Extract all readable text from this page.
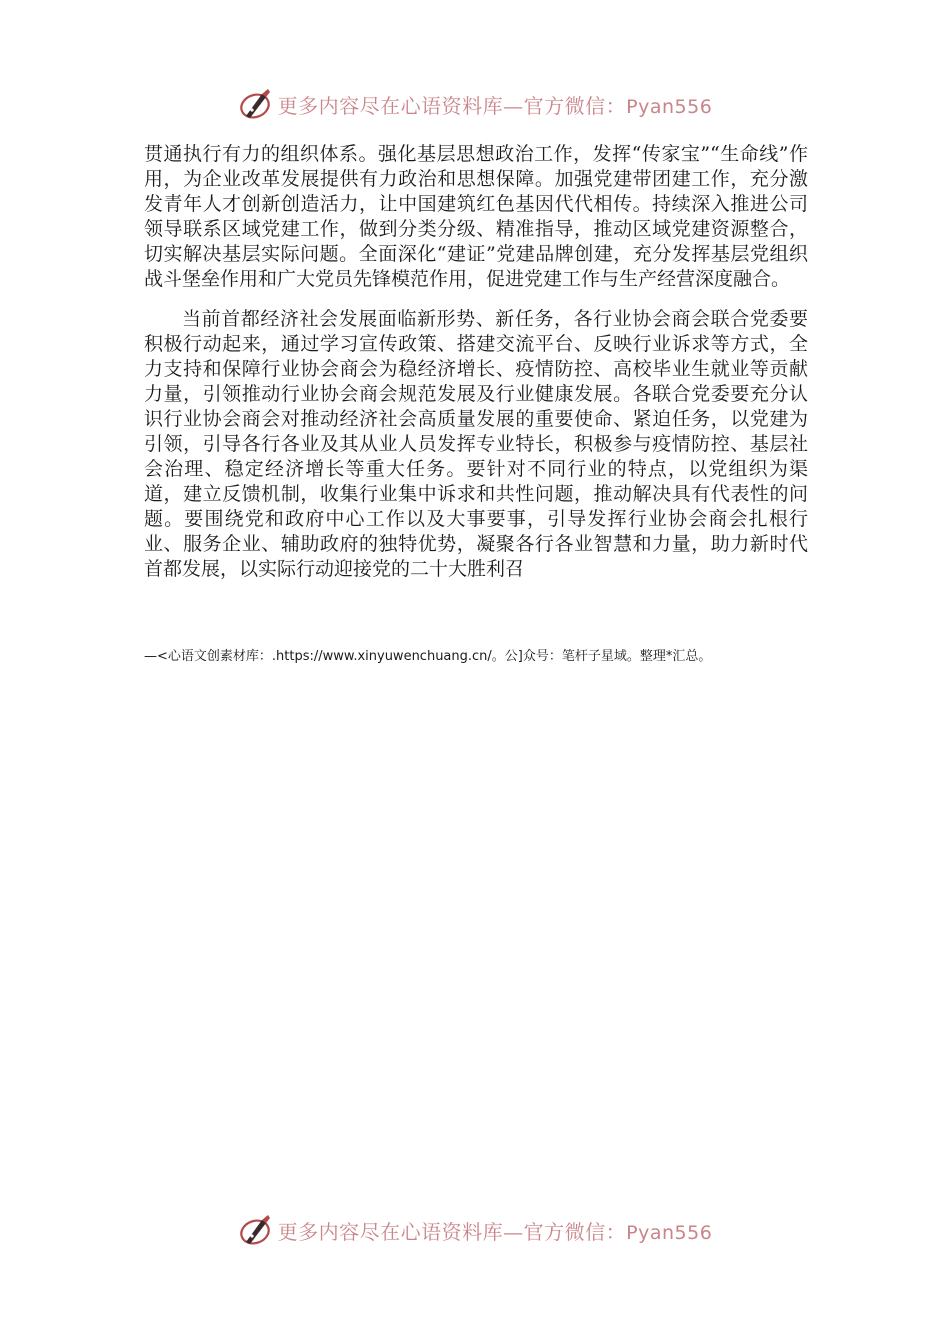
更多内容尽在心语资料库—官方微信：Pyan556

贯通执行有力的组织体系。强化基层思想政治工作，发挥“传家宝”“生命线”作用，为企业改革发展提供有力政治和思想保障。加强党建带团建工作，充分激发青年人才创新创造活力，让中国建筑红色基因代代相传。持续深入推进公司领导联系区域党建工作，做到分类分级、精准指导，推动区域党建资源整合，切实解决基层实际问题。全面深化“建证”党建品牌创建，充分发挥基层党组织战斗堡垒作用和广大党员先锋模范作用，促进党建工作与生产经营深度融合。

当前首都经济社会发展面临新形势、新任务，各行业协会商会联合党委要积极行动起来，通过学习宣传政策、搭建交流平台、反映行业诉求等方式，全力支持和保障行业协会商会为稳经济增长、疫情防控、高校毕业生就业等贡献力量，引领推动行业协会商会规范发展及行业健康发展。各联合党委要充分认识行业协会商会对推动经济社会高质量发展的重要使命、紧迫任务，以党建为引领，引导各行各业及其从业人员发挥专业特长，积极参与疫情防控、基层社会治理、稳定经济增长等重大任务。要针对不同行业的特点，以党组织为渠道，建立反馈机制，收集行业集中诉求和共性问题，推动解决具有代表性的问题。要围绕党和政府中心工作以及大事要事，引导发挥行业协会商会扎根行业、服务企业、辅助政府的独特优势，凝聚各行各业智慧和力量，助力新时代首都发展，以实际行动迎接党的二十大胜利召

—<心语文创素材库：.https://www.xinyuwenchuang.cn/。公]众号：笔杆子星域。整理*汇总。
更多内容尽在心语资料库—官方微信：Pyan556
